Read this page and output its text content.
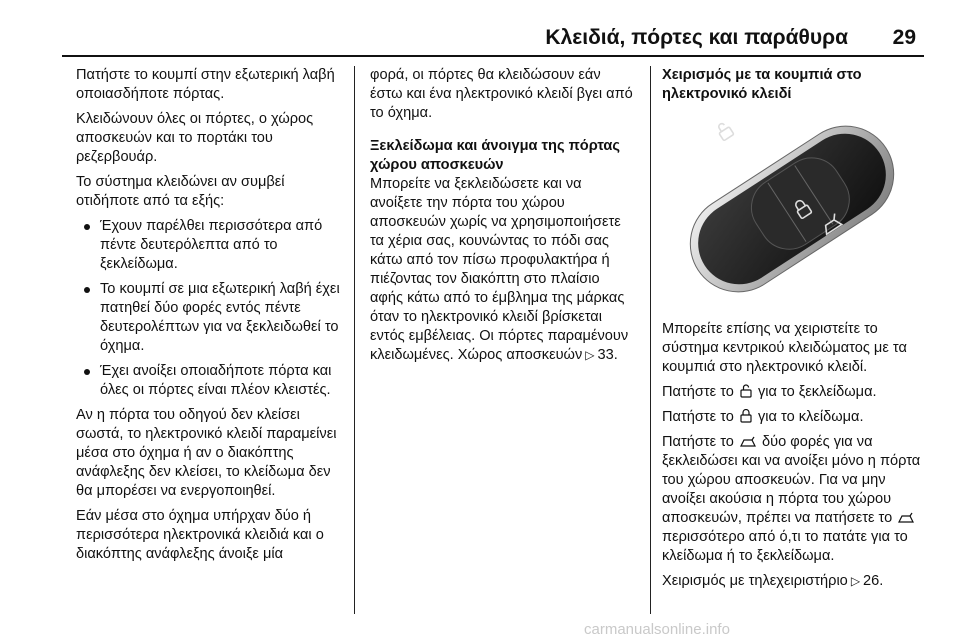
Κλειδιά, πόρτες και παράθυρα 29

Πατήστε το κουμπί στην εξωτερική λαβή οποιασδήποτε πόρτας.

Κλειδώνουν όλες οι πόρτες, ο χώρος αποσκευών και το πορτάκι του ρεζερβουάρ.

Το σύστημα κλειδώνει αν συμβεί οτιδήποτε από τα εξής:

Έχουν παρέλθει περισσότερα από πέντε δευτερόλεπτα από το ξεκλείδωμα.
Το κουμπί σε μια εξωτερική λαβή έχει πατηθεί δύο φορές εντός πέντε δευτερολέπτων για να ξεκλειδωθεί το όχημα.
Έχει ανοίξει οποιαδήποτε πόρτα και όλες οι πόρτες είναι πλέον κλειστές.

Αν η πόρτα του οδηγού δεν κλείσει σωστά, το ηλεκτρονικό κλειδί παραμείνει μέσα στο όχημα ή αν ο διακόπτης ανάφλεξης δεν κλείσει, το κλείδωμα δεν θα μπορέσει να ενεργοποιηθεί.

Εάν μέσα στο όχημα υπήρχαν δύο ή περισσότερα ηλεκτρονικά κλειδιά και ο διακόπτης ανάφλεξης άνοιξε μία

φορά, οι πόρτες θα κλειδώσουν εάν έστω και ένα ηλεκτρονικό κλειδί βγει από το όχημα.

Ξεκλείδωμα και άνοιγμα της πόρτας χώρου αποσκευών

Μπορείτε να ξεκλειδώσετε και να ανοίξετε την πόρτα του χώρου αποσκευών χωρίς να χρησιμοποιήσετε τα χέρια σας, κουνώντας το πόδι σας κάτω από τον πίσω προφυλακτήρα ή πιέζοντας τον διακόπτη στο πλαίσιο αφής κάτω από το έμβλημα της μάρκας όταν το ηλεκτρονικό κλειδί βρίσκεται εντός εμβέλειας. Οι πόρτες παραμένουν κλειδωμένες. Χώρος αποσκευών ▷ 33.

Χειρισμός με τα κουμπιά στο ηλεκτρονικό κλειδί

Μπορείτε επίσης να χειριστείτε το σύστημα κεντρικού κλειδώματος με τα κουμπιά στο ηλεκτρονικό κλειδί.

Πατήστε το για το ξεκλείδωμα.

Πατήστε το για το κλείδωμα.

Πατήστε το δύο φορές για να ξεκλειδώσει και να ανοίξει μόνο η πόρτα του χώρου αποσκευών. Για να μην ανοίξει ακούσια η πόρτα του χώρου αποσκευών, πρέπει να πατήσετε το  περισσότερο από ό,τι το πατάτε για το κλείδωμα ή το ξεκλείδωμα.

Χειρισμός με τηλεχειριστήριο ▷ 26.

carmanualsonline.info
